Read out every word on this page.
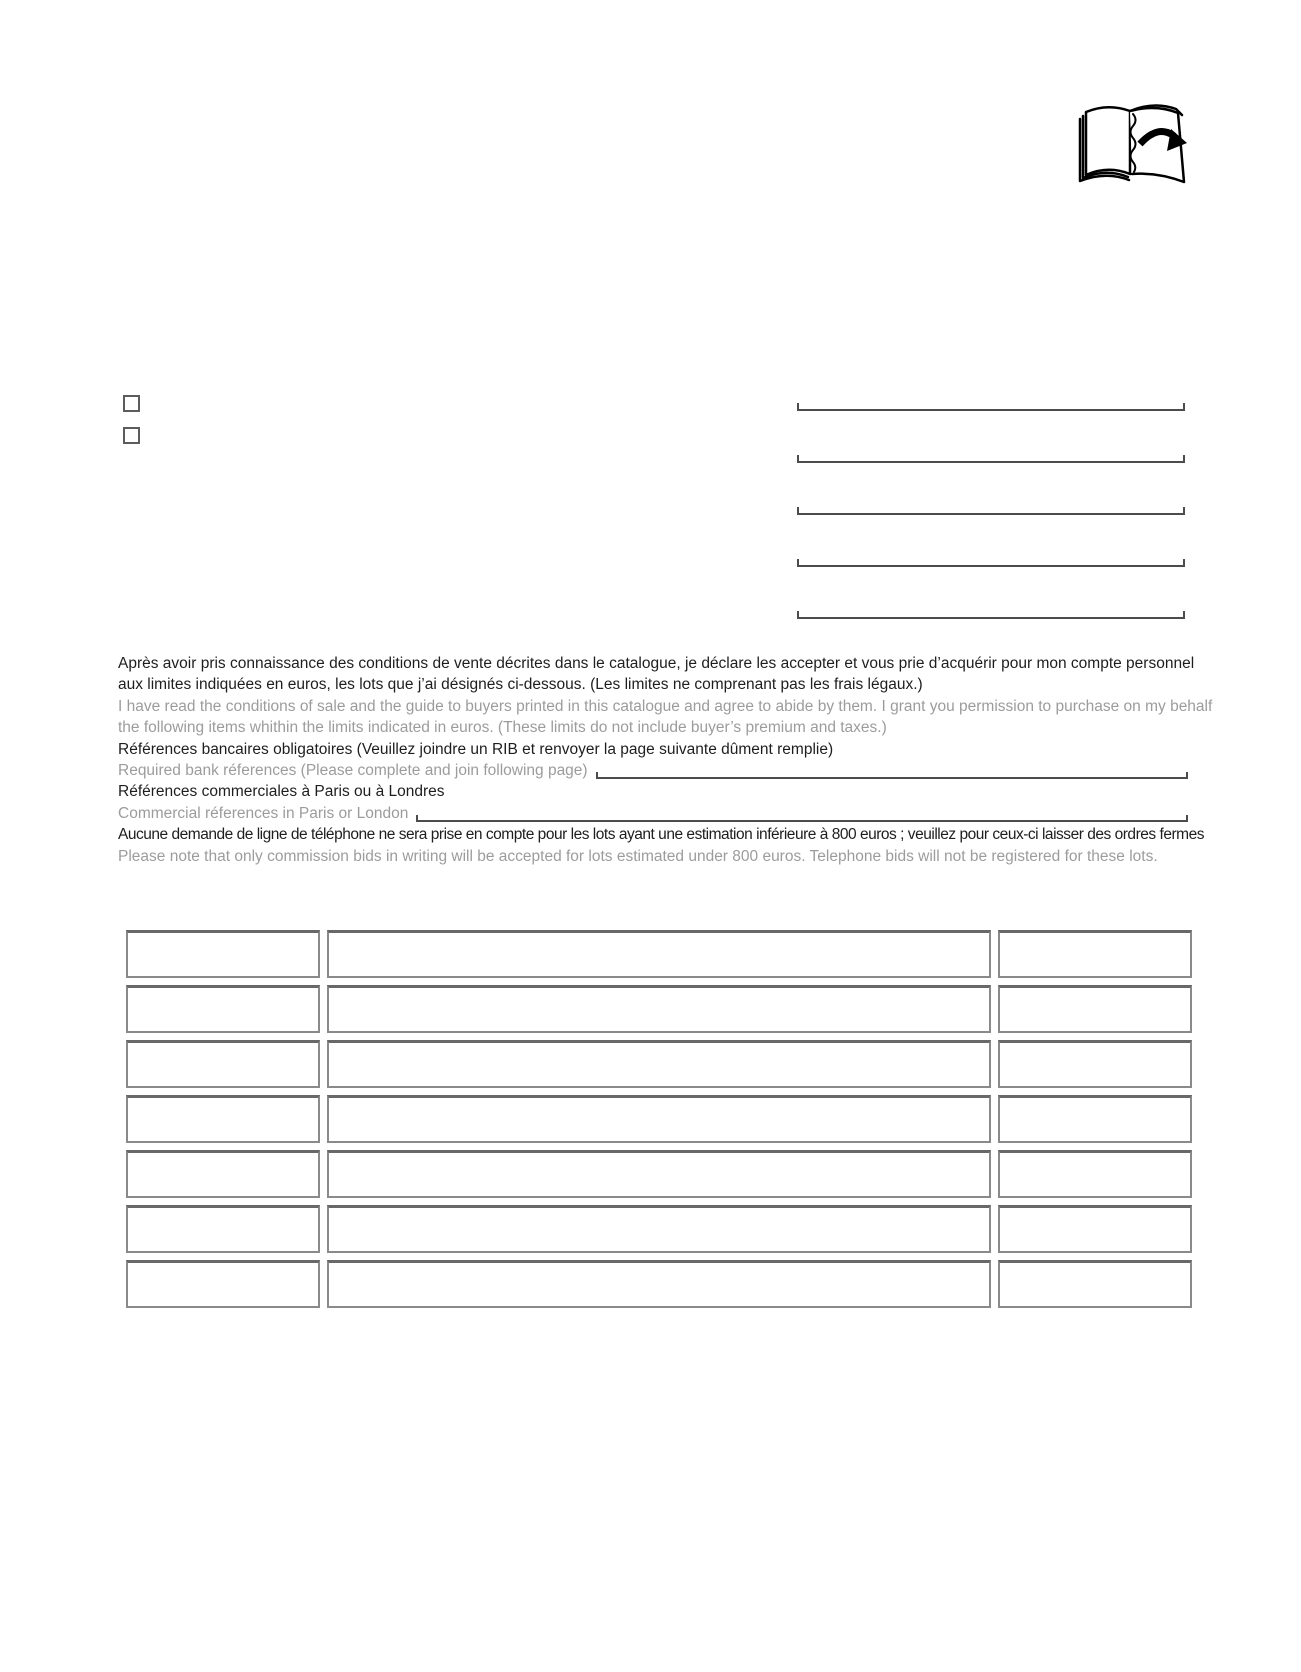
Après avoir pris connaissance des conditions de vente décrites dans le catalogue, je déclare les accepter et vous prie d’acquérir pour mon compte personnel
aux limites indiquées en euros, les lots que j’ai désignés ci-dessous. (Les limites ne comprenant pas les frais légaux.)
I have read the conditions of sale and the guide to buyers printed in this catalogue and agree to abide by them. I grant you permission to purchase on my behalf
the following items whithin the limits indicated in euros. (These limits do not include buyer’s premium and taxes.)
Références bancaires obligatoires (Veuillez joindre un RIB et renvoyer la page suivante dûment remplie)
Required bank réferences (Please complete and join following page)
Références commerciales à Paris ou à Londres
Commercial réferences in Paris or London
Aucune demande de ligne de téléphone ne sera prise en compte pour les lots ayant une estimation inférieure à 800 euros ; veuillez pour ceux-ci laisser des ordres fermes
Please note that only commission bids in writing will be accepted for lots estimated under 800 euros. Telephone bids will not be registered for these lots.
